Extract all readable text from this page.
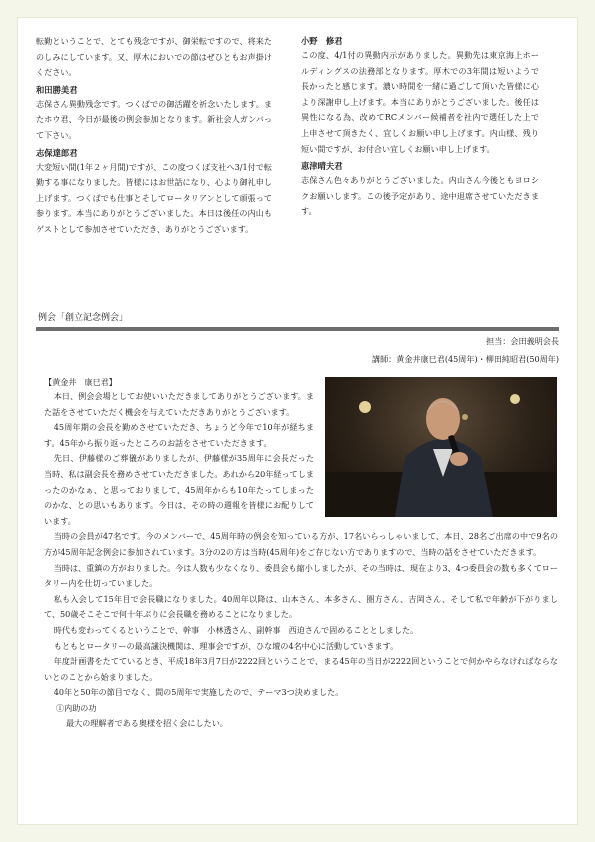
転勤ということで、とても残念ですが、御栄転ですので、将来たのしみにしています。又、厚木においでの節はぜひともお声掛けください。

和田勝美君

志保さん異動残念です。つくばでの御活躍を祈念いたします。またホウ君、今日が最後の例会参加となります。新社会人ガンバって下さい。

志保達郎君

大変短い間(1年２ヶ月間)ですが、この度つくば支社へ3/1付で転勤する事になりました。皆様にはお世話になり、心より御礼申し上げます。つくばでも仕事とそしてロータリアンとして頑張って参ります。本当にありがとうございました。本日は後任の内山もゲストとして参加させていただき、ありがとうございます。

小野　修君

この度、4/1付の異動内示がありました。異動先は東京海上ホールディングスの法務部となります。厚木での3年間は短いようで長かったと感じます。濃い時間を一緒に過ごして頂いた皆様に心より深謝申し上げます。本当にありがとうございました。後任は異性になる為、改めてRCメンバー候補者を社内で選任した上で上申させて頂きたく、宜しくお願い申し上げます。内山様、残り短い間ですが、お付合い宜しくお願い申し上げます。

恵津晴夫君

志保さん色々ありがとうございました。内山さん今後ともヨロシクお願いします。この後予定があり、途中退席させていただきます。

例会「創立記念例会」
担当：会田義明会長
講師：黄金井康巳君(45周年)・柳田純昭君(50周年)
【黄金井　康巳君】

本日、例会会場としてお使いいただきましてありがとうございます。また話をさせていただく機会を与えていただきありがとうございます。

45周年期の会長を勤めさせていただき、ちょうど今年で10年が経ちます。45年から振り返ったところのお話をさせていただきます。

先日、伊藤様のご葬儀がありましたが、伊藤様が35周年に会長だった当時、私は副会長を務めさせていただきました。あれから20年経ってしまったのかなぁ、と思っておりまして、45周年からも10年たってしまったのかな、との思いもあります。今日は、その時の週報を皆様にお配りしています。

当時の会員が47名です。今のメンバーで、45周年時の例会を知っている方が、17名いらっしゃいまして、本日、28名ご出席の中で9名の方が45周年記念例会に参加されています。3分の2の方は当時(45周年)をご存じない方でありますので、当時の話をさせていただきます。

当時は、重鎮の方がおりました。今は人数も少なくなり、委員会も縮小しましたが、その当時は、現在より3、4つ委員会の数も多くてロータリー内を仕切っていました。

私も入会して15年目で会長職になりました。40周年以降は、山本さん、本多さん、圏方さん、吉岡さん、そして私で年齢が下がりまして、50歳そこそこで何十年ぶりに会長職を務めることになりました。

時代も変わってくるということで、幹事　小林透さん、副幹事　西迫さんで固めることとしました。

もともとロータリーの最高議決機関は、理事会ですが、ひな壇の4名中心に活動していきます。

年度計画書をたてているとき、平成18年3月7日が2222回ということで、まる45年の当日が2222回ということで何かやらなければならないとのことから始まりました。

40年と50年の節目でなく、間の5周年で実施したので、テーマ3つ決めました。

①内助の功

最大の理解者である奥様を招く会にしたい。
